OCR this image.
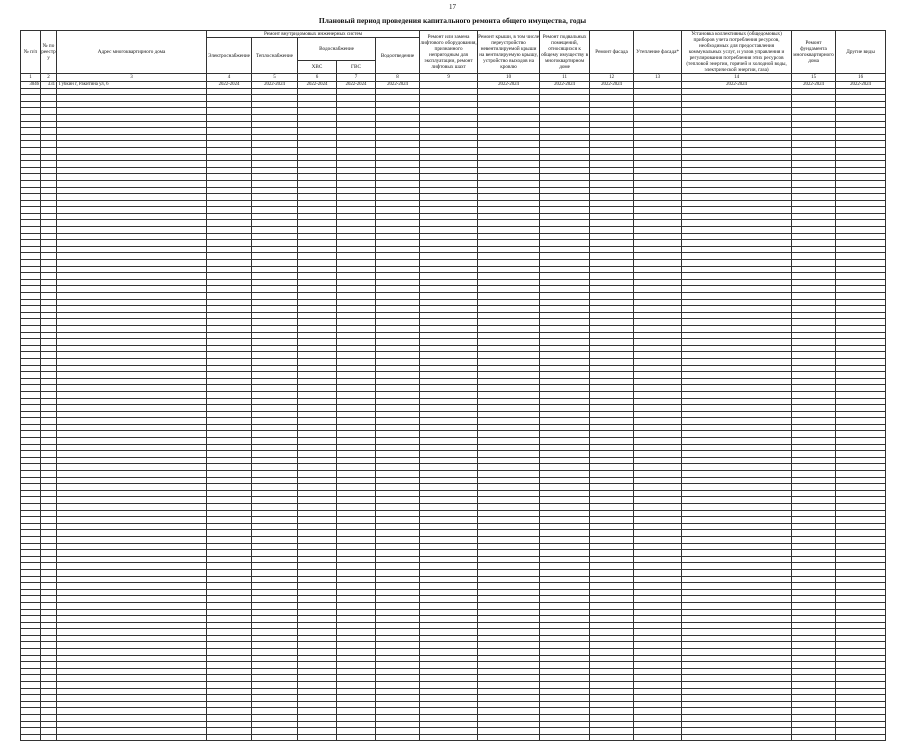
17
Плановый период проведения капитального ремонта общего имущества, годы
№ п/п	№ по реестру	Адрес многоквартирного дома	Ремонт внутридомовых инженерных систем					Ремонт или замена лифтового оборудования, признанного непригодным для эксплуатации, ремонт лифтовых шахт	Ремонт крыши, в том числе переустройство невентилируемой крыши на вентилируемую крышу, устройство выходов на кровлю	Ремонт подвальных помещений, относящихся к общему имуществу в многоквартирном доме	Ремонт фасада	Утепление фасада*	Установка коллективных (общедомовых) приборов учета потребления ресурсов, необходимых для предоставления коммунальных услуг, и узлов управления и регулирования потребления этих ресурсов (тепловой энергии, горячей и холодной воды, электрической энергии, газа)	Ремонт фундамента многоквартирного дома	Другие виды
			Электроснабжение	Теплоснабжение	Водоснабжение		Водоотведение								
					ХВС	ГВС									
1	2	3	4	5	6	7	8	9	10	11	12	13	14	15	16
3046	331	Губкин г, Ракитина ул, 6	2022-2024	2022-2024	2022-2024	2022-2024	2022-2024		2022-2024	2022-2024	2022-2024		2022-2024	2022-2024	2022-2024
